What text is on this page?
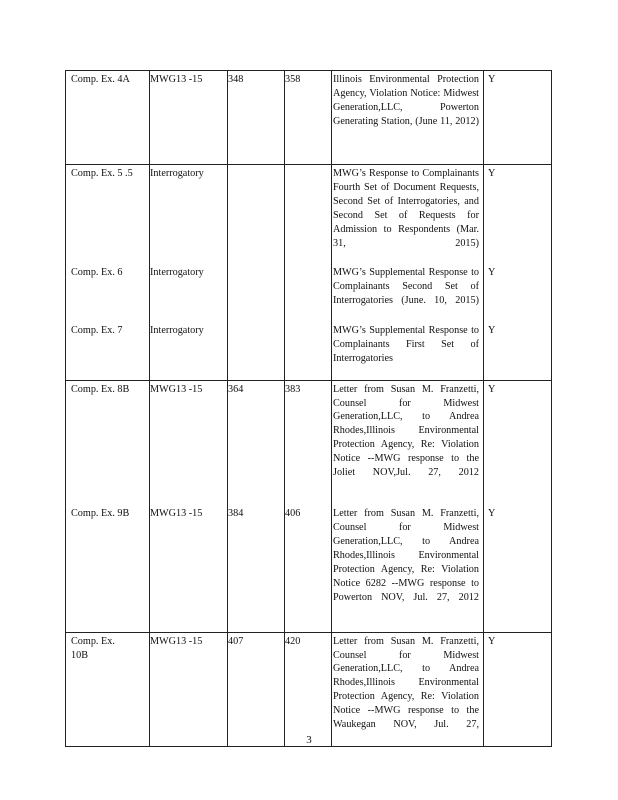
Comp. Ex. 4A	MWG13 -15	348	358	Illinois Environmental Protection Agency, Violation Notice: Midwest Generation,LLC, Powerton Generating Station, (June 11, 2012)	Y

Comp. Ex. 5 .5	Interrogatory			MWG’s Response to Complainants Fourth Set of Document Requests, Second Set of Interrogatories, and Second Set of Requests for Admission to Respondents (Mar. 31, 2015)	Y

Comp. Ex. 6	Interrogatory			MWG’s Supplemental Response to Complainants Second Set of Interrogatories (June. 10, 2015)	Y

Comp. Ex. 7	Interrogatory			MWG’s Supplemental Response to Complainants First Set of Interrogatories	Y

Comp. Ex. 8B	MWG13 -15	364	383	Letter from Susan M. Franzetti, Counsel for Midwest Generation,LLC, to Andrea Rhodes,Illinois Environmental Protection Agency, Re: Violation Notice --MWG response to the Joliet NOV,Jul. 27, 2012	Y

Comp. Ex. 9B	MWG13 -15	384	406	Letter from Susan M. Franzetti, Counsel for Midwest Generation,LLC, to Andrea Rhodes,Illinois Environmental Protection Agency, Re: Violation Notice 6282 --MWG response to Powerton NOV, Jul. 27, 2012	Y

Comp. Ex. 10B	MWG13 -15	407	420	Letter from Susan M. Franzetti, Counsel for Midwest Generation,LLC, to Andrea Rhodes,Illinois Environmental Protection Agency, Re: Violation Notice --MWG response to the Waukegan NOV, Jul. 27,	Y
3
